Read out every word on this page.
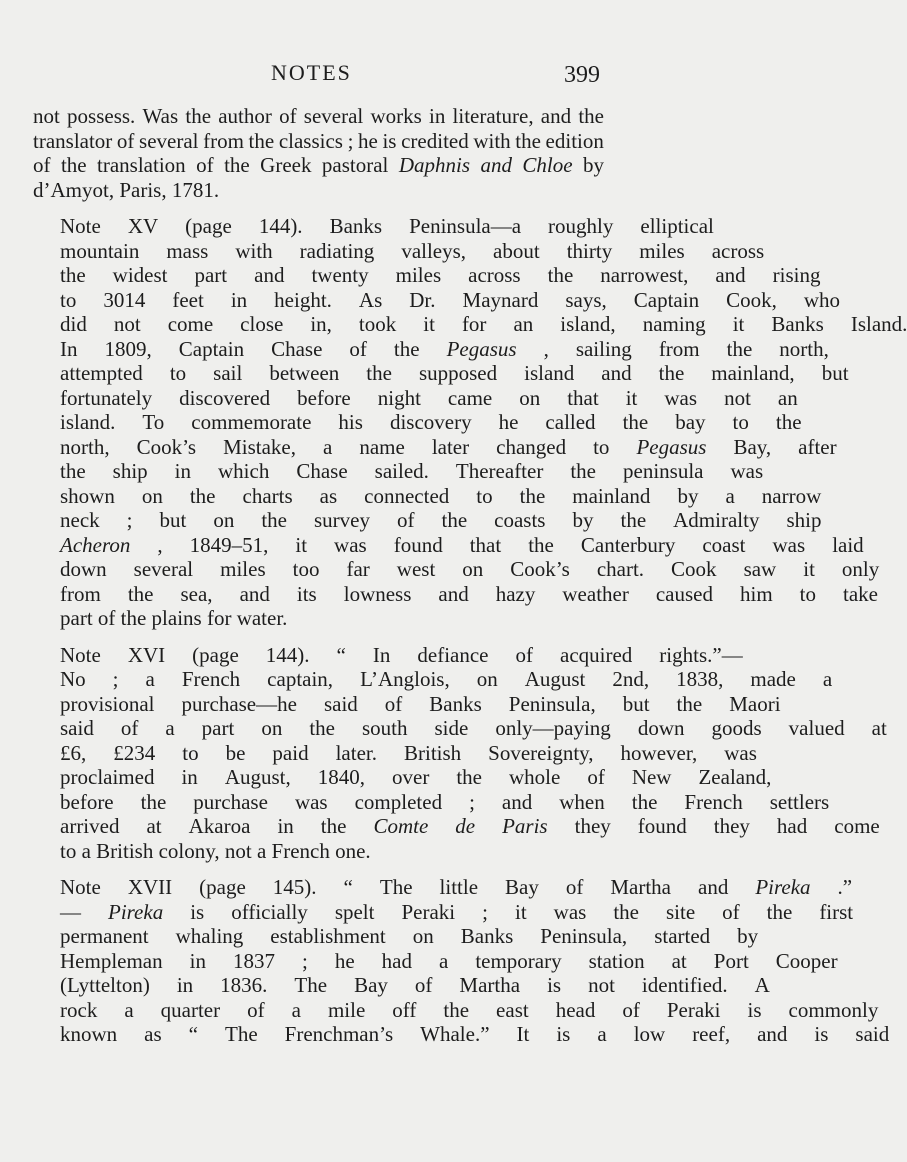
NOTES	399

not possess. Was the author of several works in literature, and the
translator of several from the classics ; he is credited with the edition
of the translation of the Greek pastoral Daphnis and Chloe by
d’Amyot, Paris, 1781.

Note	XV	(page	144).	Banks	Peninsula—a	roughly	elliptical
mountain	mass	with	radiating	valleys,	about	thirty	miles	across
the	widest	part	and	twenty	miles	across	the	narrowest,	and	rising
to	3014	feet	in	height.	As	Dr.	Maynard	says,	Captain	Cook,	who
did	not	come	close	in,	took	it	for	an	island,	naming	it	Banks	Island.
In	1809,	Captain	Chase	of	the	Pegasus	,	sailing	from	the	north,
attempted	to	sail	between	the	supposed	island	and	the	mainland,	but
fortunately	discovered	before	night	came	on	that	it	was	not	an
island.	To	commemorate	his	discovery	he	called	the	bay	to	the
north,	Cook’s	Mistake,	a	name	later	changed	to	Pegasus	Bay,	after
the	ship	in	which	Chase	sailed.	Thereafter	the	peninsula	was
shown	on	the	charts	as	connected	to	the	mainland	by	a	narrow
neck	;	but	on	the	survey	of	the	coasts	by	the	Admiralty	ship
Acheron	,	1849–51,	it	was	found	that	the	Canterbury	coast	was	laid
down	several	miles	too	far	west	on	Cook’s	chart.	Cook	saw	it	only
from	the	sea,	and	its	lowness	and	hazy	weather	caused	him	to	take
part of the plains for water.

Note	XVI	(page	144).	“	In	defiance	of	acquired	rights.”—
No	;	a	French	captain,	L’Anglois,	on	August	2nd,	1838,	made	a
provisional	purchase—he	said	of	Banks	Peninsula,	but	the	Maori
said	of	a	part	on	the	south	side	only—paying	down	goods	valued	at
£6,	£234	to	be	paid	later.	British	Sovereignty,	however,	was
proclaimed	in	August,	1840,	over	the	whole	of	New	Zealand,
before	the	purchase	was	completed	;	and	when	the	French	settlers
arrived	at	Akaroa	in	the	Comte	de	Paris	they	found	they	had	come
to a British colony, not a French one.

Note	XVII	(page	145).	“	The	little	Bay	of	Martha	and	Pireka	.”
—	Pireka	is	officially	spelt	Peraki	;	it	was	the	site	of	the	first
permanent	whaling	establishment	on	Banks	Peninsula,	started	by
Hempleman	in	1837	;	he	had	a	temporary	station	at	Port	Cooper
(Lyttelton)	in	1836.	The	Bay	of	Martha	is	not	identified.	A
rock	a	quarter	of	a	mile	off	the	east	head	of	Peraki	is	commonly
known	as	“	The	Frenchman’s	Whale.”	It	is	a	low	reef,	and	is	said
